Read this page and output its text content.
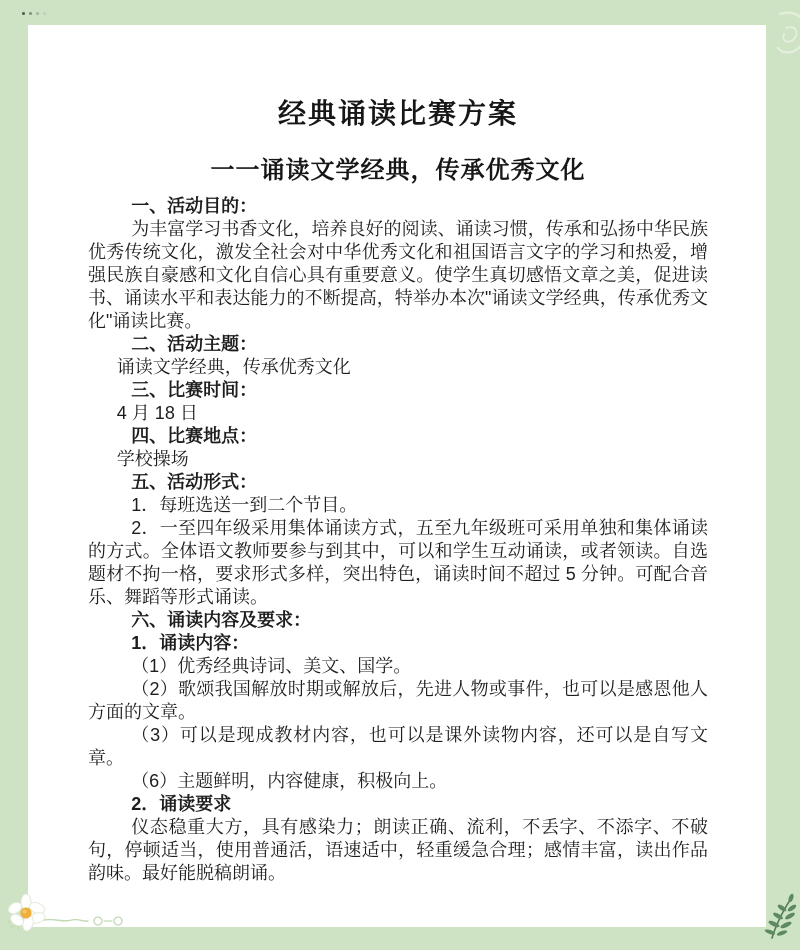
经典诵读比赛方案
一一诵读文学经典，传承优秀文化

一、活动目的：

为丰富学习书香文化，培养良好的阅读、诵读习惯，传承和弘扬中华民族优秀传统文化，激发全社会对中华优秀文化和祖国语言文字的学习和热爱，增强民族自豪感和文化自信心具有重要意义。使学生真切感悟文章之美，促进读书、诵读水平和表达能力的不断提高，特举办本次"诵读文学经典，传承优秀文化"诵读比赛。

二、活动主题：

诵读文学经典，传承优秀文化

三、比赛时间：

4 月 18 日

四、比赛地点：

学校操场

五、活动形式：

1．每班选送一到二个节目。

2．一至四年级采用集体诵读方式，五至九年级班可采用单独和集体诵读的方式。全体语文教师要参与到其中，可以和学生互动诵读，或者领读。自选题材不拘一格，要求形式多样，突出特色，诵读时间不超过 5 分钟。可配合音乐、舞蹈等形式诵读。

六、诵读内容及要求：

1．诵读内容：

（1）优秀经典诗词、美文、国学。

（2）歌颂我国解放时期或解放后，先进人物或事件，也可以是感恩他人方面的文章。

（3）可以是现成教材内容，也可以是课外读物内容，还可以是自写文章。

（6）主题鲜明，内容健康，积极向上。

2．诵读要求

仪态稳重大方，具有感染力；朗读正确、流利，不丢字、不添字、不破句，停顿适当，使用普通活，语速适中，轻重缓急合理；感情丰富，读出作品韵味。最好能脱稿朗诵。
